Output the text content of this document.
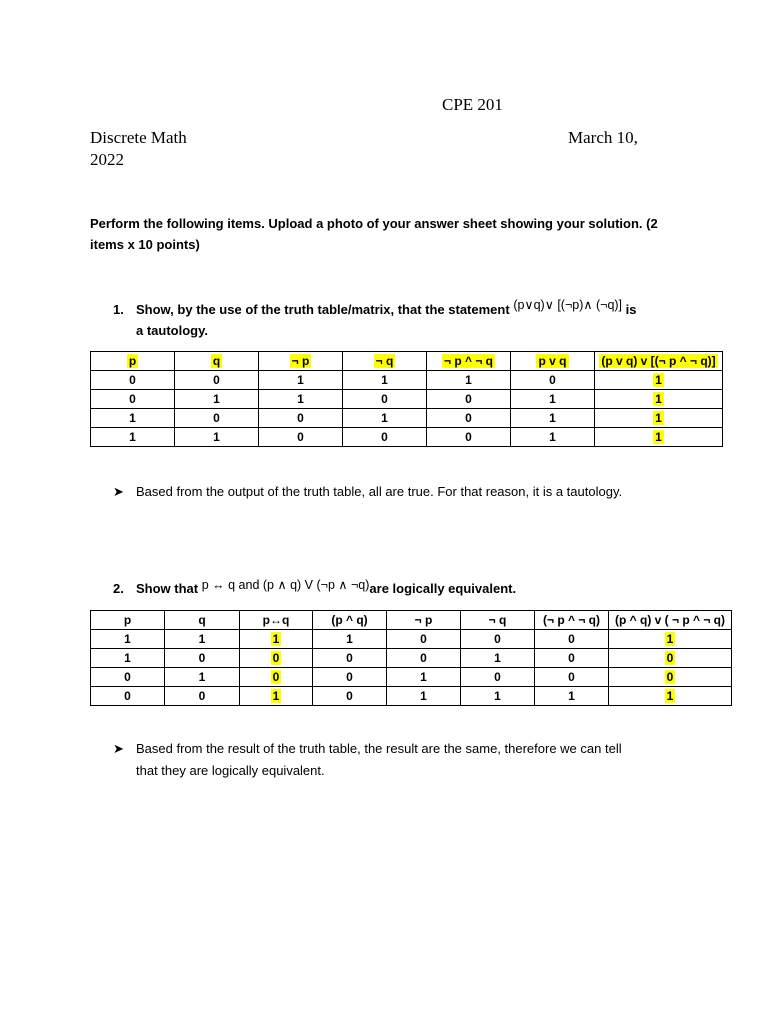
CPE 201
Discrete Math	March 10,
2022
Perform the following items. Upload a photo of your answer sheet showing your solution. (2
items x 10 points)
1. Show, by the use of the truth table/matrix, that the statement (p∨q)∨ [(¬p)∧ (¬q)] is
a tautology.
p	q	¬ p	¬ q	¬ p ^ ¬ q	p v q	(p v q) v [(¬ p ^ ¬ q)]
0	0	1	1	1	0	1
0	1	1	0	0	1	1
1	0	0	1	0	1	1
1	1	0	0	0	1	1
➤ Based from the output of the truth table, all are true. For that reason, it is a tautology.
2. Show that p ↔ q and (p ∧ q) V (¬p ∧ ¬q)are logically equivalent.
p	q	p↔q	(p ^ q)	¬ p	¬ q	(¬ p ^ ¬ q)	(p ^ q) v ( ¬ p ^ ¬ q)
1	1	1	1	0	0	0	1
1	0	0	0	0	1	0	0
0	1	0	0	1	0	0	0
0	0	1	0	1	1	1	1
➤ Based from the result of the truth table, the result are the same, therefore we can tell
that they are logically equivalent.
